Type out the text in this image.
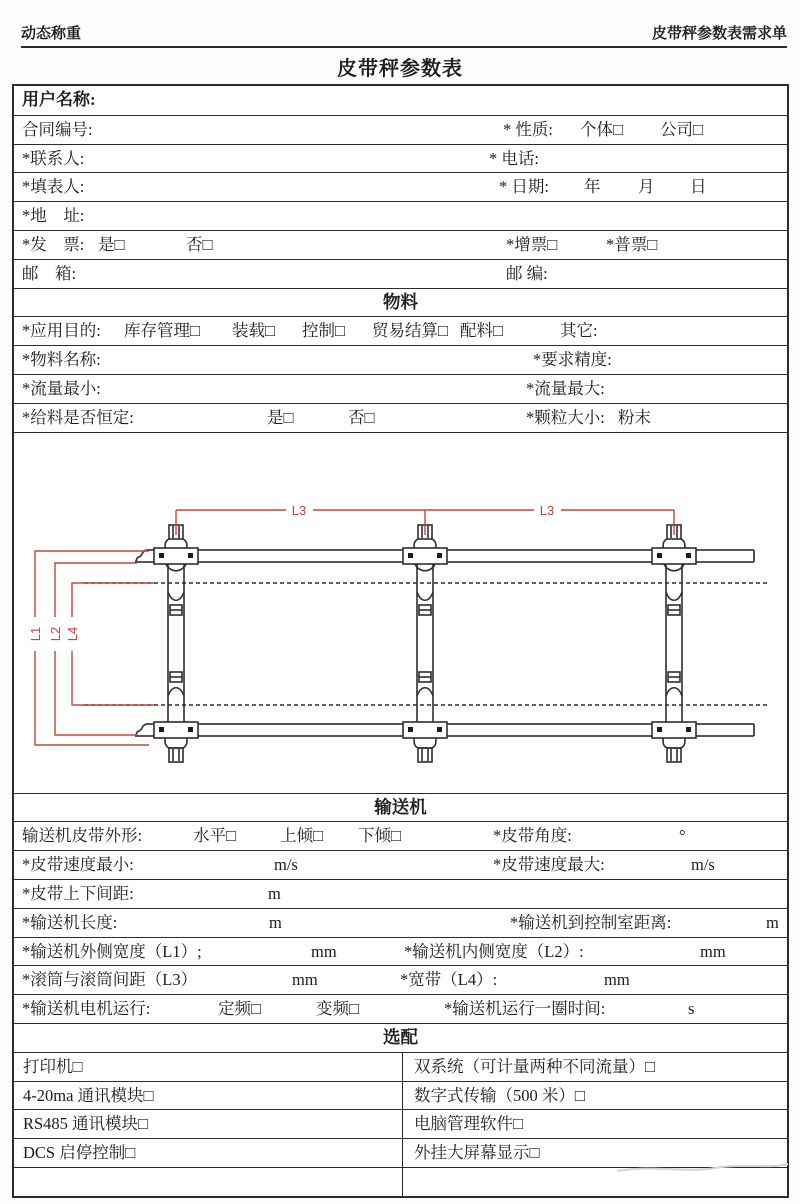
动态称重	皮带秤参数表需求单
皮带秤参数表
用户名称:
合同编号:	* 性质: 个体□ 公司□
*联系人:	* 电话:
*填表人:	* 日期: 年 月 日
*地　址:
*发　票: 是□	否□	*增票□	*普票□
邮　箱:	邮 编:
物料
*应用目的: 库存管理□ 装载□ 控制□ 贸易结算□ 配料□	其它:
*物料名称:	*要求精度:
*流量最小:	*流量最大:
*给料是否恒定:	是□	否□	*颗粒大小: 粉末
L3	L3
L1 L2 L4
输送机
输送机皮带外形:	水平□	上倾□ 下倾□	*皮带角度:	°
*皮带速度最小:	m/s	*皮带速度最大:	m/s
*皮带上下间距:	m
*输送机长度:	m	*输送机到控制室距离:	m
*输送机外侧宽度（L1）;	mm	*输送机内侧宽度（L2）:	mm
*滚筒与滚筒间距（L3）	mm	*宽带（L4）:	mm
*输送机电机运行:	定频□	变频□	*输送机运行一圈时间:	s
选配
打印机□	双系统（可计量两种不同流量）□
4-20ma 通讯模块□	数字式传输（500 米）□
RS485 通讯模块□	电脑管理软件□
DCS 启停控制□	外挂大屏幕显示□
